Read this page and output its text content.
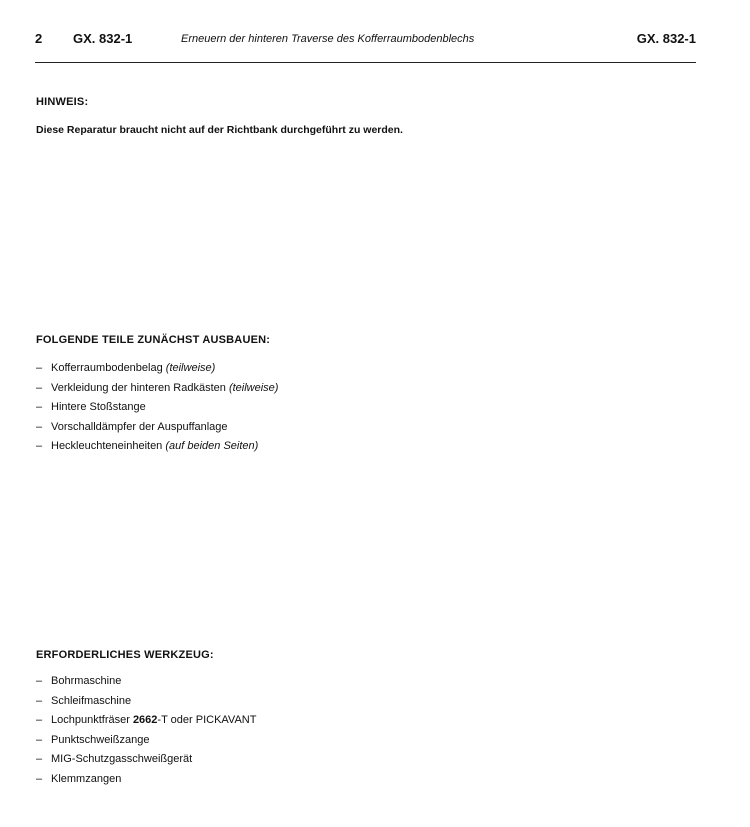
2 GX. 832-1	Erneuern der hinteren Traverse des Kofferraumbodenblechs	GX. 832-1
HINWEIS:
Diese Reparatur braucht nicht auf der Richtbank durchgeführt zu werden.
FOLGENDE TEILE ZUNÄCHST AUSBAUEN:
– Kofferraumbodenbelag (teilweise)
– Verkleidung der hinteren Radkästen (teilweise)
– Hintere Stoßstange
– Vorschalldämpfer der Auspuffanlage
– Heckleuchteneinheiten (auf beiden Seiten)
ERFORDERLICHES WERKZEUG:
– Bohrmaschine
– Schleifmaschine
– Lochpunktfräser 2662-T oder PICKAVANT
– Punktschweißzange
– MIG-Schutzgasschweißgerät
– Klemmzangen
